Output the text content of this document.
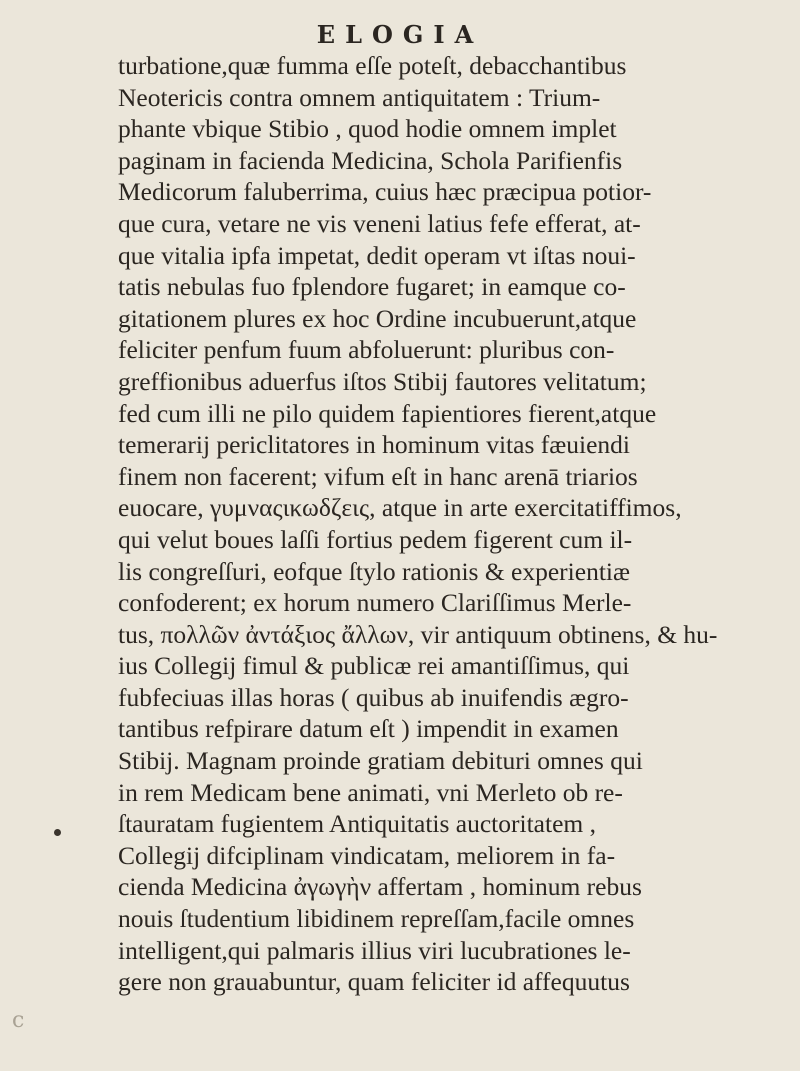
ELOGIA
turbatione,quæ fumma eſſe poteſt, debacchantibus
Neotericis contra omnem antiquitatem : Trium-
phante vbique Stibio , quod hodie omnem implet
paginam in facienda Medicina, Schola Parifienfis
Medicorum faluberrima, cuius hæc præcipua potior-
que cura, vetare ne vis veneni latius fefe efferat, at-
que vitalia ipfa impetat, dedit operam vt iſtas noui-
tatis nebulas fuo fplendore fugaret; in eamque co-
gitationem plures ex hoc Ordine incubuerunt,atque
feliciter penfum fuum abfoluerunt: pluribus con-
greffionibus aduerfus iſtos Stibij fautores velitatum;
fed cum illi ne pilo quidem fapientiores fierent,atque
temerarij periclitatores in hominum vitas fæuiendi
finem non facerent; vifum eſt in hanc arenā triarios
euocare, γυμναςικωδζεις, atque in arte exercitatiffimos,
qui velut boues laſſi fortius pedem figerent cum il-
lis congreſſuri, eofque ſtylo rationis & experientiæ
confoderent; ex horum numero Clariſſimus Merle-
tus, πολλῶν ἀντάξιος ἄλλων, vir antiquum obtinens, & hu-
ius Collegij fimul & publicæ rei amantiſſimus, qui
fubfeciuas illas horas ( quibus ab inuifendis ægro-
tantibus refpirare datum eſt ) impendit in examen
Stibij. Magnam proinde gratiam debituri omnes qui
in rem Medicam bene animati, vni Merleto ob re-
ſtauratam fugientem Antiquitatis auctoritatem ,
Collegij difciplinam vindicatam, meliorem in fa-
cienda Medicina ἀγωγὴν affertam , hominum rebus
nouis ſtudentium libidinem repreſſam,facile omnes
intelligent,qui palmaris illius viri lucubrationes le-
gere non grauabuntur, quam feliciter id affequutus
c
